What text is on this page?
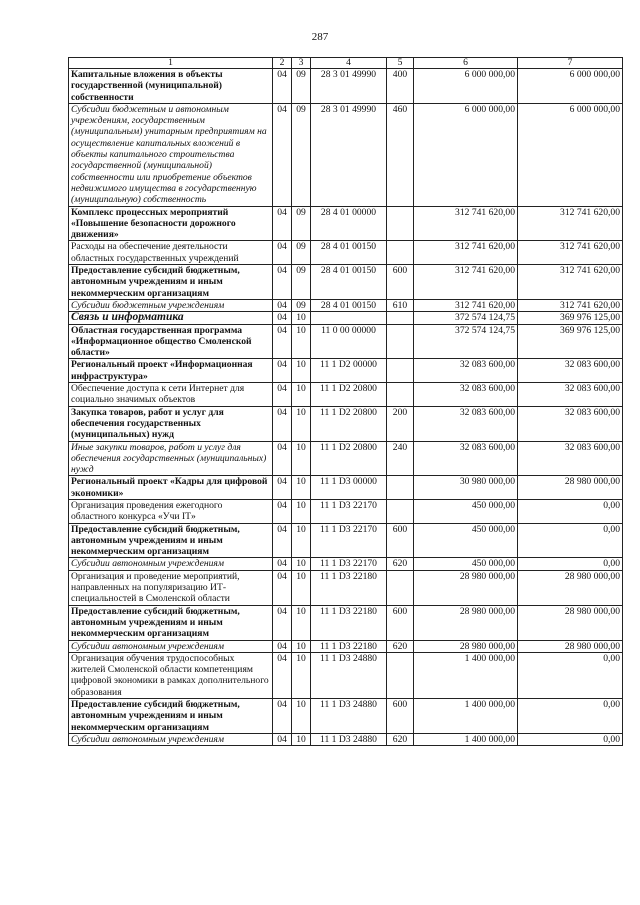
287
1	2	3	4	5	6	7
Капитальные вложения в объекты государственной (муниципальной) собственности	04	09	28 3 01 49990	400	6 000 000,00	6 000 000,00
Субсидии бюджетным и автономным учреждениям, государственным (муниципальным) унитарным предприятиям на осуществление капитальных вложений в объекты капитального строительства государственной (муниципальной) собственности или приобретение объектов недвижимого имущества в государственную (муниципальную) собственность	04	09	28 3 01 49990	460	6 000 000,00	6 000 000,00
Комплекс процессных мероприятий «Повышение безопасности дорожного движения»	04	09	28 4 01 00000		312 741 620,00	312 741 620,00
Расходы на обеспечение деятельности областных государственных учреждений	04	09	28 4 01 00150		312 741 620,00	312 741 620,00
Предоставление субсидий бюджетным, автономным учреждениям и иным некоммерческим организациям	04	09	28 4 01 00150	600	312 741 620,00	312 741 620,00
Субсидии бюджетным учреждениям	04	09	28 4 01 00150	610	312 741 620,00	312 741 620,00
Связь и информатика	04	10			372 574 124,75	369 976 125,00
Областная государственная программа «Информационное общество Смоленской области»	04	10	11 0 00 00000		372 574 124,75	369 976 125,00
Региональный проект «Информационная инфраструктура»	04	10	11 1 D2 00000		32 083 600,00	32 083 600,00
Обеспечение доступа к сети Интернет для социально значимых объектов	04	10	11 1 D2 20800		32 083 600,00	32 083 600,00
Закупка товаров, работ и услуг для обеспечения государственных (муниципальных) нужд	04	10	11 1 D2 20800	200	32 083 600,00	32 083 600,00
Иные закупки товаров, работ и услуг для обеспечения государственных (муниципальных) нужд	04	10	11 1 D2 20800	240	32 083 600,00	32 083 600,00
Региональный проект «Кадры для цифровой экономики»	04	10	11 1 D3 00000		30 980 000,00	28 980 000,00
Организация проведения ежегодного областного конкурса «Учи IT»	04	10	11 1 D3 22170		450 000,00	0,00
Предоставление субсидий бюджетным, автономным учреждениям и иным некоммерческим организациям	04	10	11 1 D3 22170	600	450 000,00	0,00
Субсидии автономным учреждениям	04	10	11 1 D3 22170	620	450 000,00	0,00
Организация и проведение мероприятий, направленных на популяризацию ИТ-специальностей в Смоленской области	04	10	11 1 D3 22180		28 980 000,00	28 980 000,00
Предоставление субсидий бюджетным, автономным учреждениям и иным некоммерческим организациям	04	10	11 1 D3 22180	600	28 980 000,00	28 980 000,00
Субсидии автономным учреждениям	04	10	11 1 D3 22180	620	28 980 000,00	28 980 000,00
Организация обучения трудоспособных жителей Смоленской области компетенциям цифровой экономики в рамках дополнительного образования	04	10	11 1 D3 24880		1 400 000,00	0,00
Предоставление субсидий бюджетным, автономным учреждениям и иным некоммерческим организациям	04	10	11 1 D3 24880	600	1 400 000,00	0,00
Субсидии автономным учреждениям	04	10	11 1 D3 24880	620	1 400 000,00	0,00
